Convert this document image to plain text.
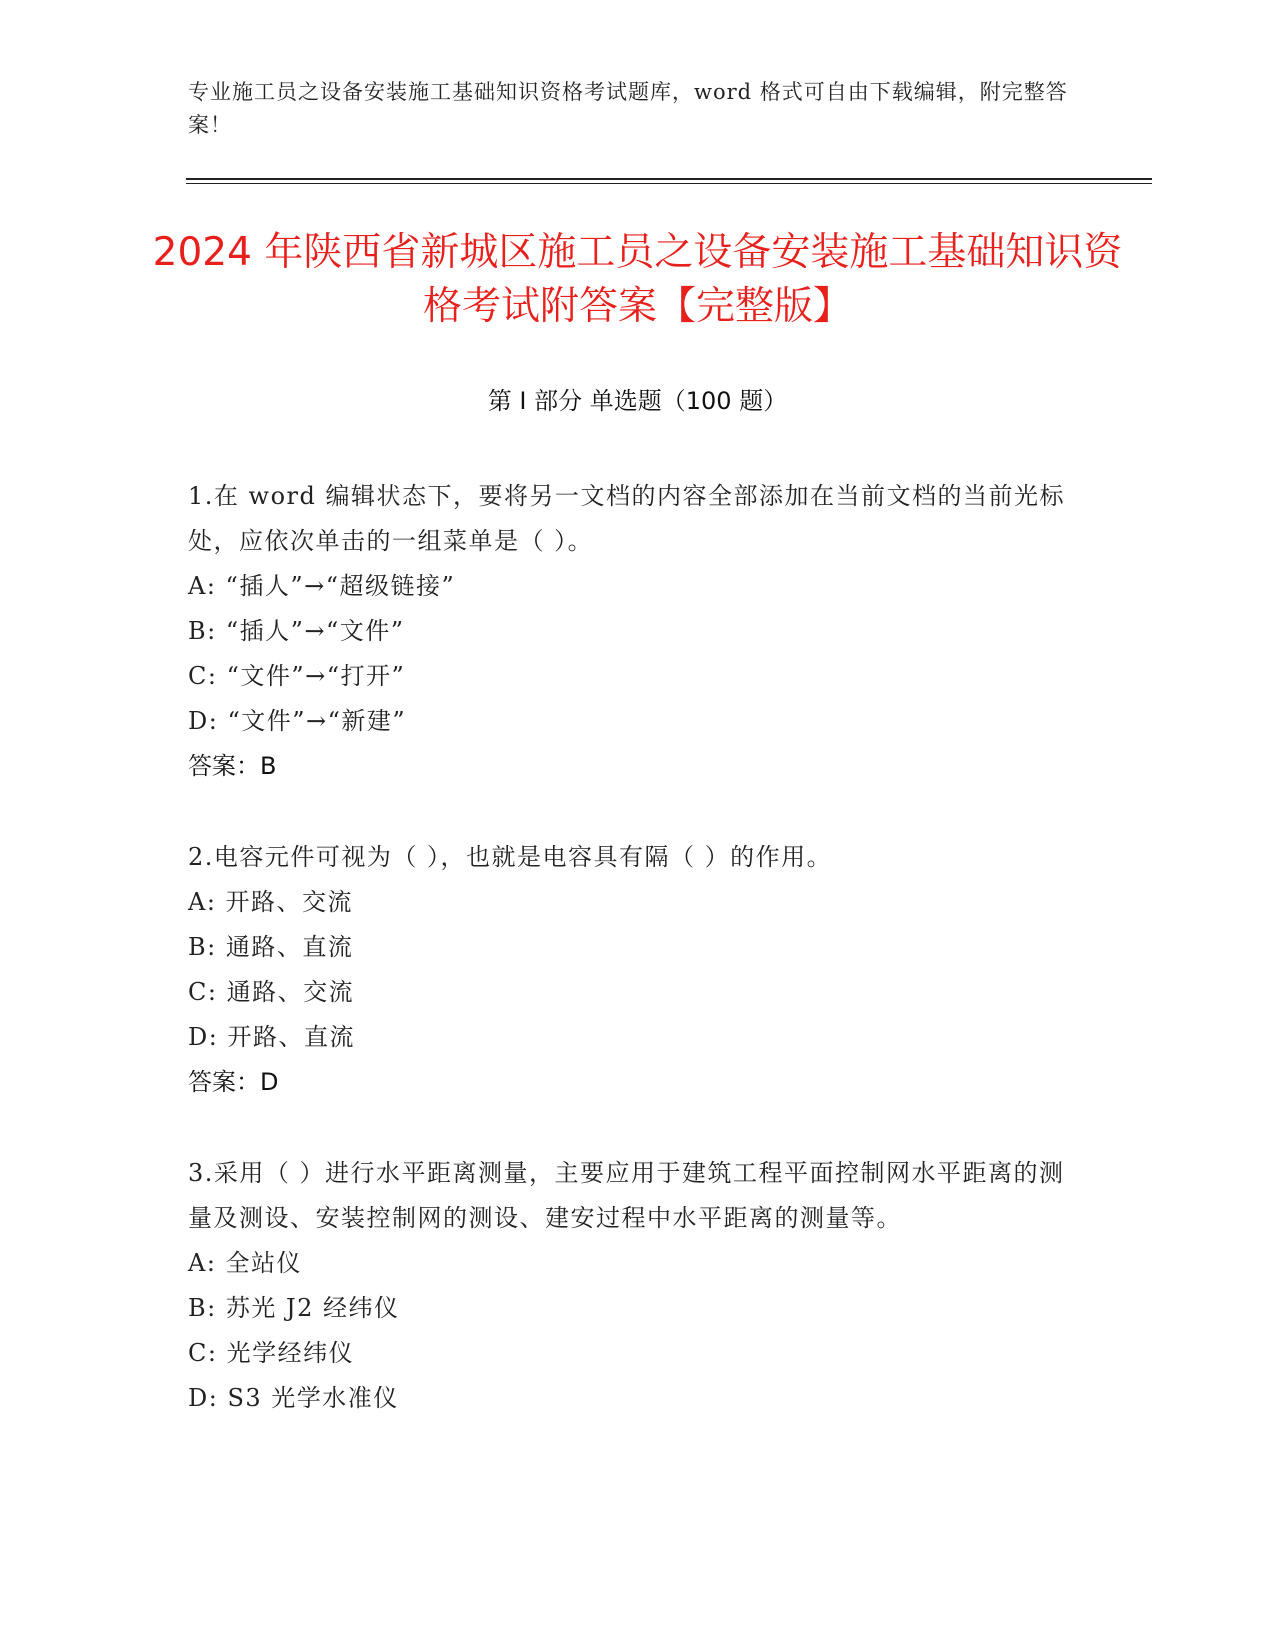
专业施工员之设备安装施工基础知识资格考试题库，word 格式可自由下载编辑，附完整答案！

2024 年陕西省新城区施工员之设备安装施工基础知识资格考试附答案【完整版】
第 I 部分 单选题（100 题）

1.在 word 编辑状态下，要将另一文档的内容全部添加在当前文档的当前光标处，应依次单击的一组菜单是（ ）。

A: “插人”→“超级链接”

B: “插人”→“文件”

C: “文件”→“打开”

D: “文件”→“新建”

答案：B

2.电容元件可视为（ ），也就是电容具有隔（ ）的作用。

A: 开路、交流

B: 通路、直流

C: 通路、交流

D: 开路、直流

答案：D

3.采用（ ）进行水平距离测量，主要应用于建筑工程平面控制网水平距离的测量及测设、安装控制网的测设、建安过程中水平距离的测量等。

A: 全站仪

B: 苏光 J2 经纬仪

C: 光学经纬仪

D: S3 光学水准仪
